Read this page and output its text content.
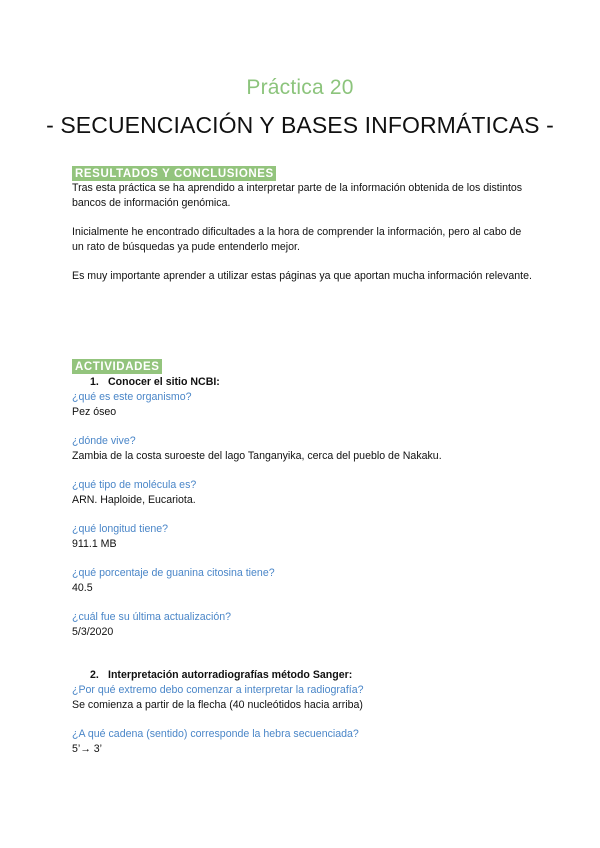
Práctica 20
- SECUENCIACIÓN Y BASES INFORMÁTICAS -
RESULTADOS Y CONCLUSIONES
Tras esta práctica se ha aprendido a interpretar parte de la información obtenida de los distintos bancos de información genómica.
Inicialmente he encontrado dificultades a la hora de comprender la información, pero al cabo de un rato de búsquedas ya pude entenderlo mejor.
Es muy importante aprender a utilizar estas páginas ya que aportan mucha información relevante.
ACTIVIDADES
1. Conocer el sitio NCBI:
¿qué es este organismo?
Pez óseo
¿dónde vive?
Zambia de la costa suroeste del lago Tanganyika, cerca del pueblo de Nakaku.
¿qué tipo de molécula es?
ARN. Haploide, Eucariota.
¿qué longitud tiene?
911.1 MB
¿qué porcentaje de guanina citosina tiene?
40.5
¿cuál fue su última actualización?
5/3/2020
2. Interpretación autorradiografías método Sanger:
¿Por qué extremo debo comenzar a interpretar la radiografía?
Se comienza a partir de la flecha (40 nucleótidos hacia arriba)
¿A qué cadena (sentido) corresponde la hebra secuenciada?
5’→ 3’
